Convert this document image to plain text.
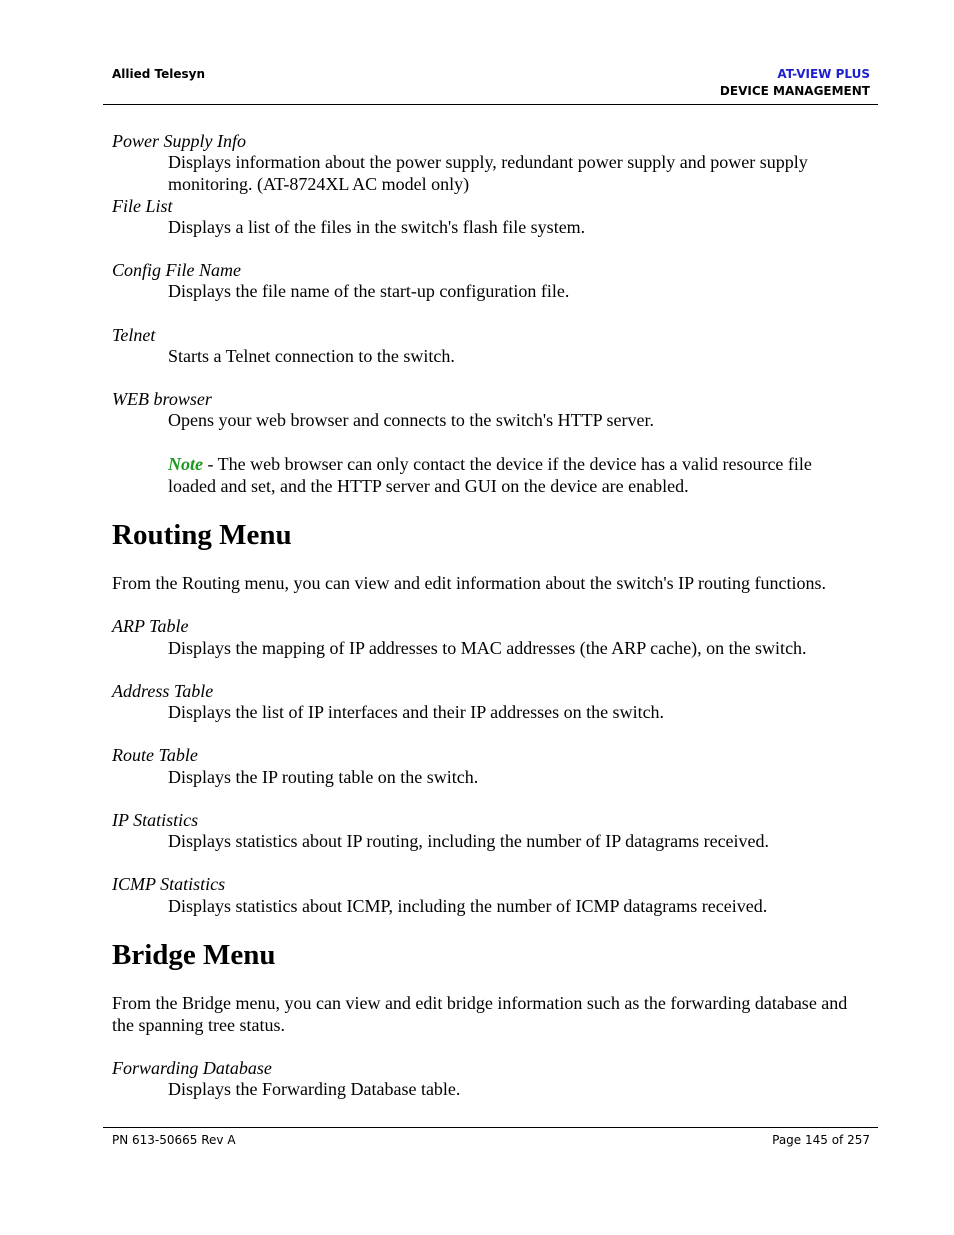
Allied Telesyn	AT-VIEW PLUS
DEVICE MANAGEMENT
Power Supply Info
Displays information about the power supply, redundant power supply and power supply monitoring. (AT-8724XL AC model only)
File List
Displays a list of the files in the switch's flash file system.
Config File Name
Displays the file name of the start-up configuration file.
Telnet
Starts a Telnet connection to the switch.
WEB browser
Opens your web browser and connects to the switch's HTTP server.
Note - The web browser can only contact the device if the device has a valid resource file loaded and set, and the HTTP server and GUI on the device are enabled.
Routing Menu
From the Routing menu, you can view and edit information about the switch's IP routing functions.
ARP Table
Displays the mapping of IP addresses to MAC addresses (the ARP cache), on the switch.
Address Table
Displays the list of IP interfaces and their IP addresses on the switch.
Route Table
Displays the IP routing table on the switch.
IP Statistics
Displays statistics about IP routing, including the number of IP datagrams received.
ICMP Statistics
Displays statistics about ICMP, including the number of ICMP datagrams received.
Bridge Menu
From the Bridge menu, you can view and edit bridge information such as the forwarding database and the spanning tree status.
Forwarding Database
Displays the Forwarding Database table.
PN 613-50665 Rev A	Page 145 of 257
